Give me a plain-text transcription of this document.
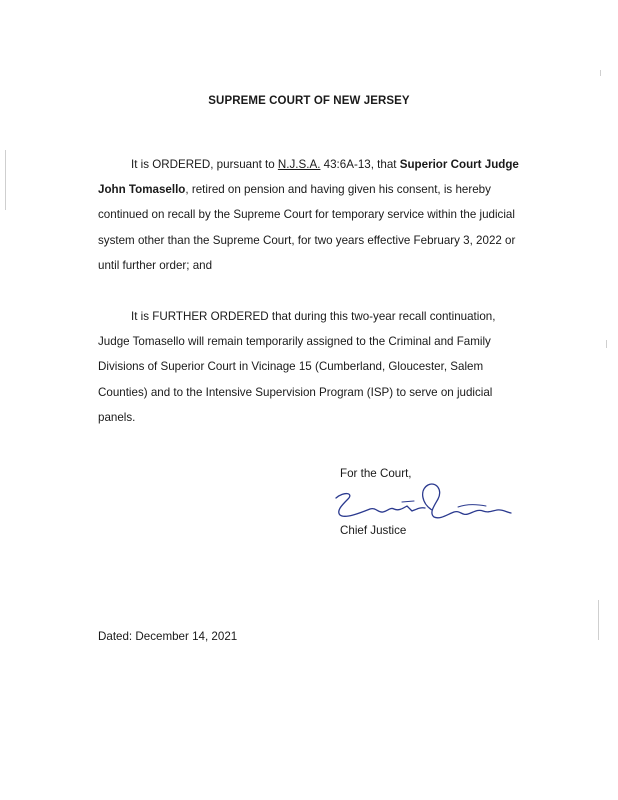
SUPREME COURT OF NEW JERSEY

It is ORDERED, pursuant to N.J.S.A. 43:6A-13, that Superior Court Judge John Tomasello, retired on pension and having given his consent, is hereby continued on recall by the Supreme Court for temporary service within the judicial system other than the Supreme Court, for two years effective February 3, 2022 or until further order; and

It is FURTHER ORDERED that during this two-year recall continuation, Judge Tomasello will remain temporarily assigned to the Criminal and Family Divisions of Superior Court in Vicinage 15 (Cumberland, Gloucester, Salem Counties) and to the Intensive Supervision Program (ISP) to serve on judicial panels.

For the Court,
Chief Justice
Dated: December 14, 2021
